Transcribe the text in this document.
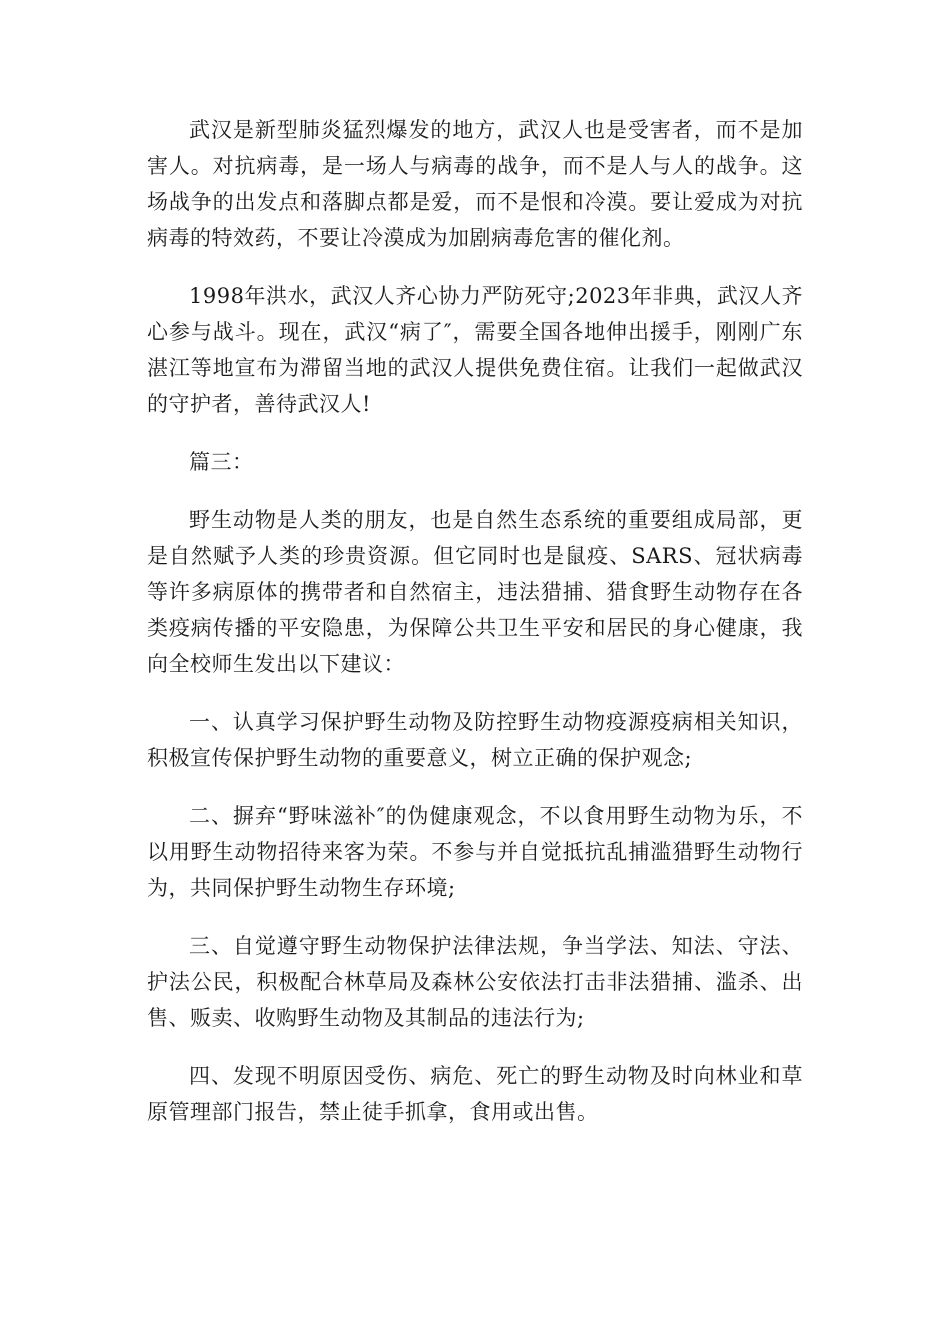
武汉是新型肺炎猛烈爆发的地方，武汉人也是受害者，而不是加害人。对抗病毒，是一场人与病毒的战争，而不是人与人的战争。这场战争的出发点和落脚点都是爱，而不是恨和冷漠。要让爱成为对抗病毒的特效药，不要让冷漠成为加剧病毒危害的催化剂。

1998年洪水，武汉人齐心协力严防死守;2023年非典，武汉人齐心参与战斗。现在，武汉“病了″，需要全国各地伸出援手，刚刚广东湛江等地宣布为滞留当地的武汉人提供免费住宿。让我们一起做武汉的守护者，善待武汉人!

篇三：

野生动物是人类的朋友，也是自然生态系统的重要组成局部，更是自然赋予人类的珍贵资源。但它同时也是鼠疫、SARS、冠状病毒等许多病原体的携带者和自然宿主，违法猎捕、猎食野生动物存在各类疫病传播的平安隐患，为保障公共卫生平安和居民的身心健康，我向全校师生发出以下建议：

一、认真学习保护野生动物及防控野生动物疫源疫病相关知识，积极宣传保护野生动物的重要意义，树立正确的保护观念;

二、摒弃“野味滋补″的伪健康观念，不以食用野生动物为乐，不以用野生动物招待来客为荣。不参与并自觉抵抗乱捕滥猎野生动物行为，共同保护野生动物生存环境;

三、自觉遵守野生动物保护法律法规，争当学法、知法、守法、护法公民，积极配合林草局及森林公安依法打击非法猎捕、滥杀、出售、贩卖、收购野生动物及其制品的违法行为;

四、发现不明原因受伤、病危、死亡的野生动物及时向林业和草原管理部门报告，禁止徒手抓拿，食用或出售。
